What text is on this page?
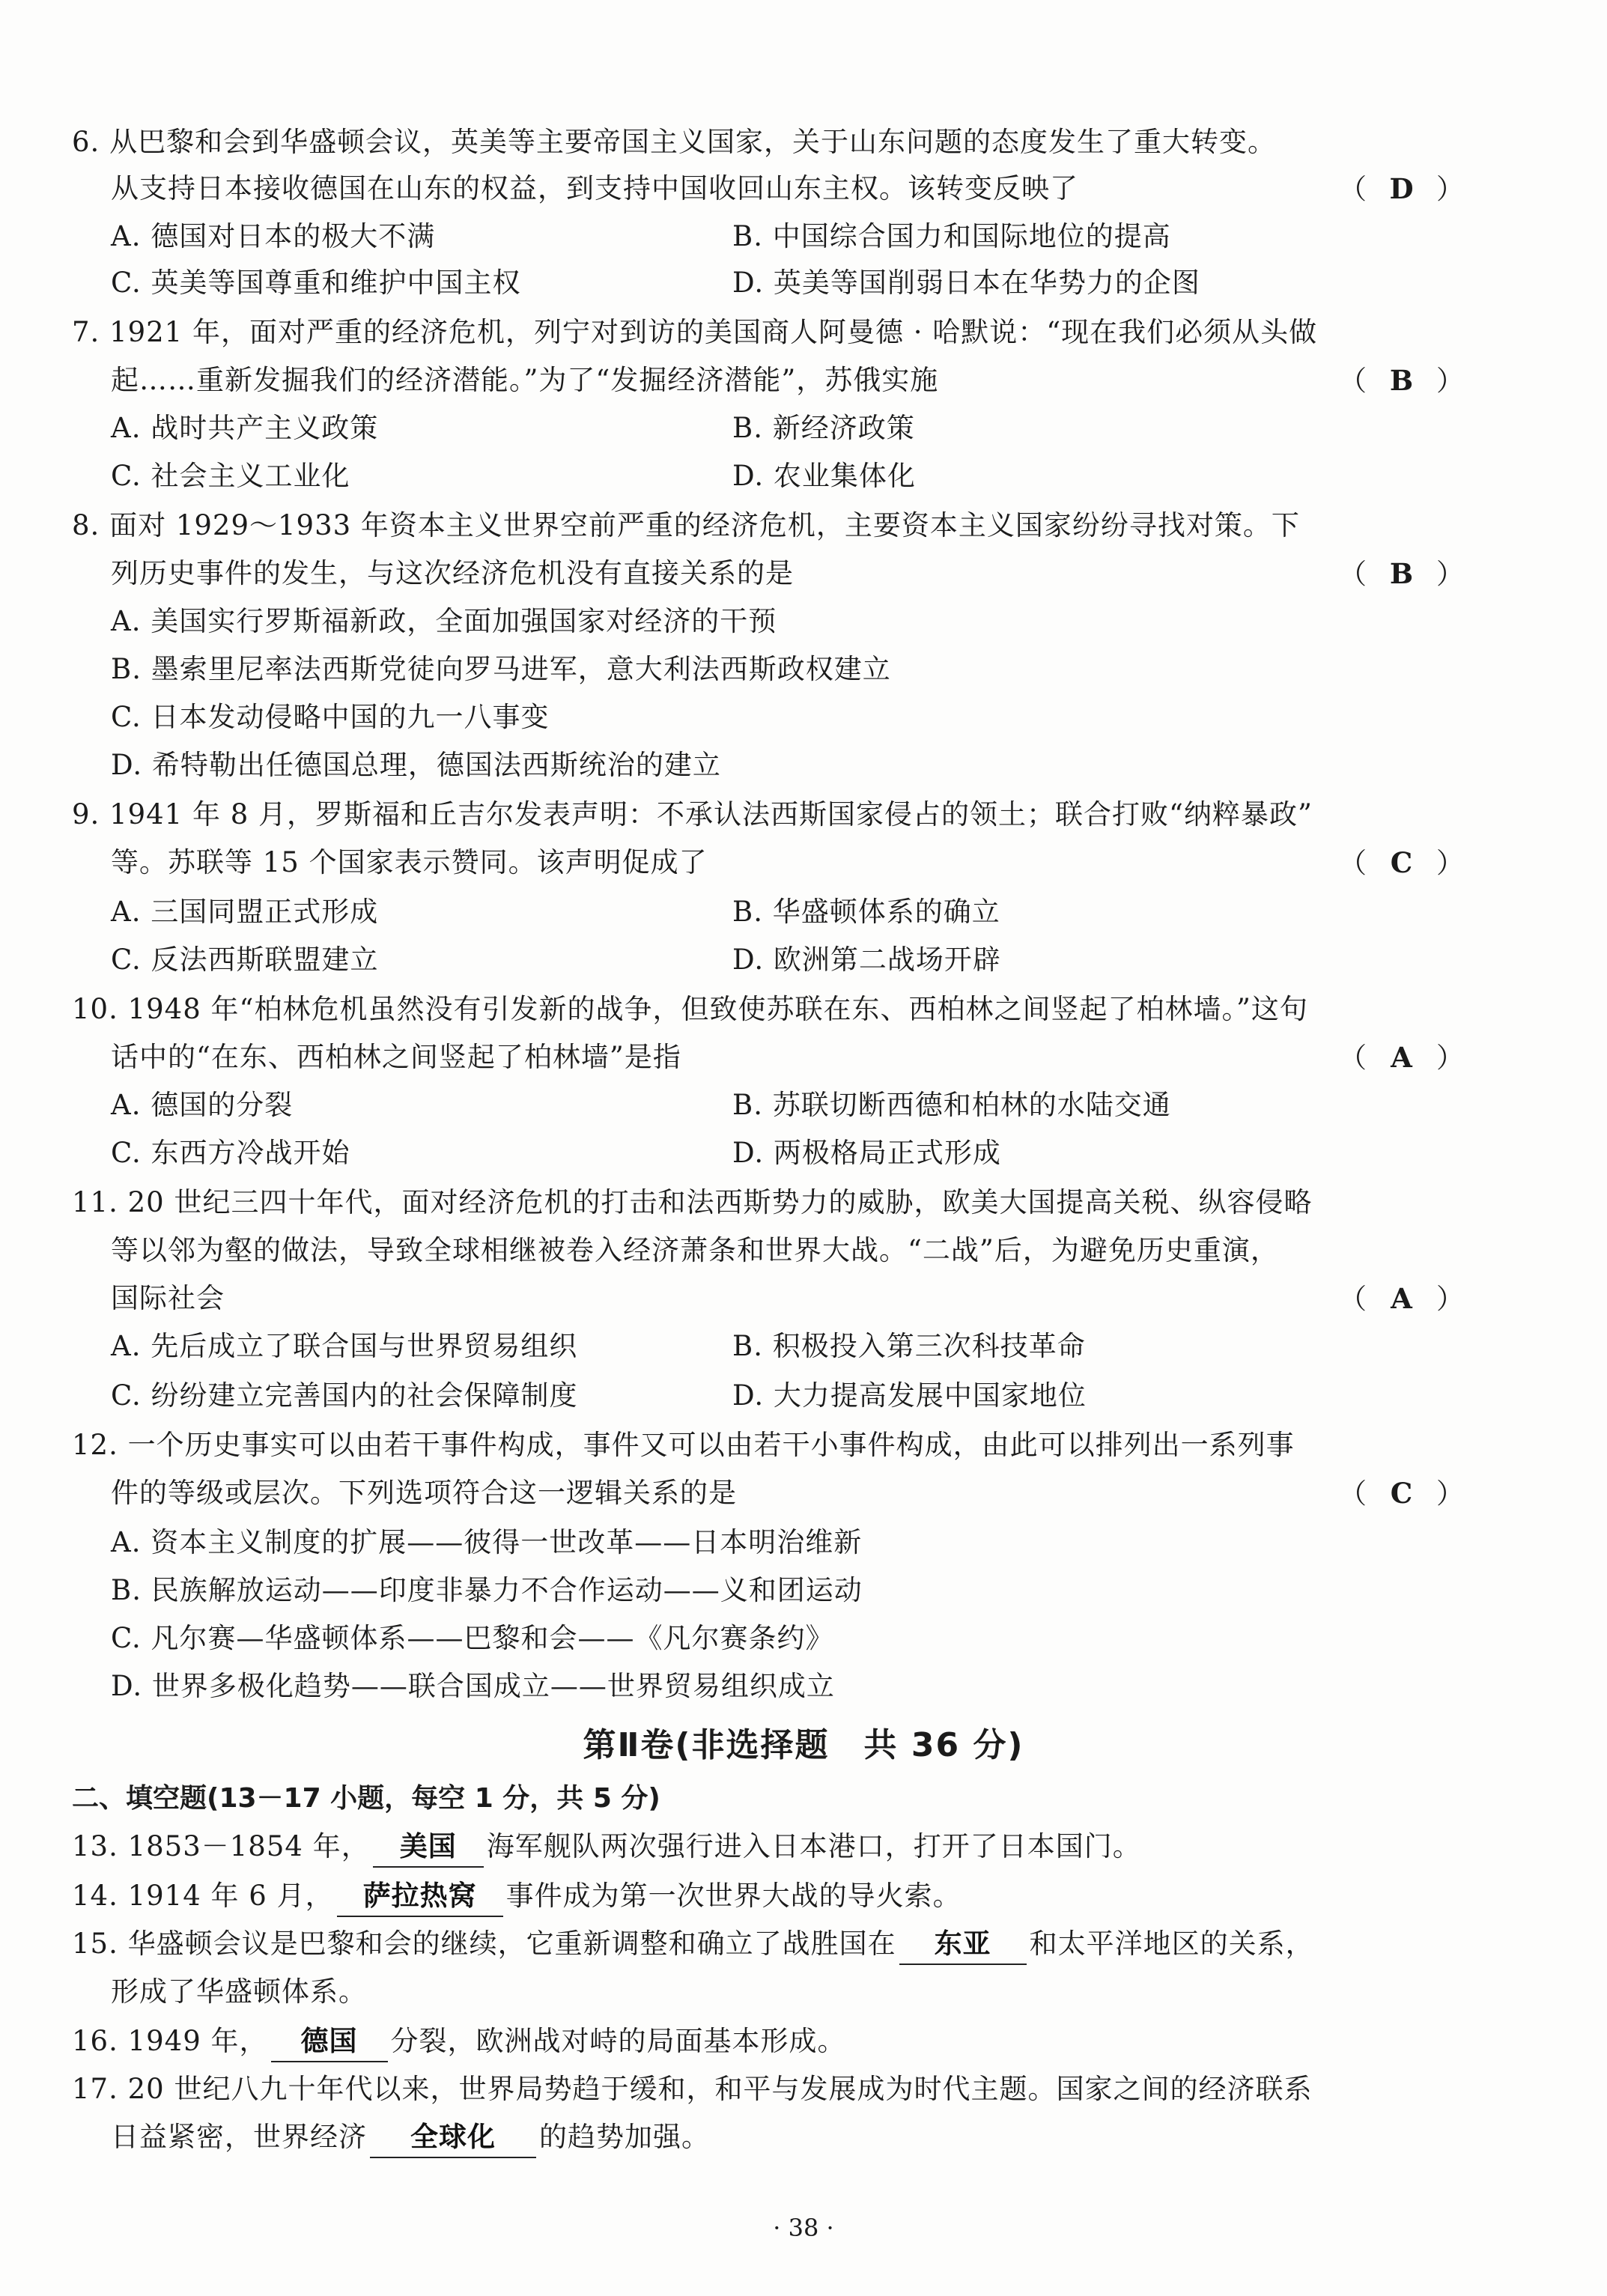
6. 从巴黎和会到华盛顿会议，英美等主要帝国主义国家，关于山东问题的态度发生了重大转变。
从支持日本接收德国在山东的权益，到支持中国收回山东主权。该转变反映了	（ D ）
A. 德国对日本的极大不满	B. 中国综合国力和国际地位的提高
C. 英美等国尊重和维护中国主权	D. 英美等国削弱日本在华势力的企图
7. 1921 年，面对严重的经济危机，列宁对到访的美国商人阿曼德 · 哈默说：“现在我们必须从头做
起……重新发掘我们的经济潜能。”为了“发掘经济潜能”，苏俄实施	（ B ）
A. 战时共产主义政策	B. 新经济政策
C. 社会主义工业化	D. 农业集体化
8. 面对 1929～1933 年资本主义世界空前严重的经济危机，主要资本主义国家纷纷寻找对策。下
列历史事件的发生，与这次经济危机没有直接关系的是	（ B ）
A. 美国实行罗斯福新政，全面加强国家对经济的干预
B. 墨索里尼率法西斯党徒向罗马进军，意大利法西斯政权建立
C. 日本发动侵略中国的九一八事变
D. 希特勒出任德国总理，德国法西斯统治的建立
9. 1941 年 8 月，罗斯福和丘吉尔发表声明：不承认法西斯国家侵占的领土；联合打败“纳粹暴政”
等。苏联等 15 个国家表示赞同。该声明促成了	（ C ）
A. 三国同盟正式形成	B. 华盛顿体系的确立
C. 反法西斯联盟建立	D. 欧洲第二战场开辟
10. 1948 年“柏林危机虽然没有引发新的战争，但致使苏联在东、西柏林之间竖起了柏林墙。”这句
话中的“在东、西柏林之间竖起了柏林墙”是指	（ A ）
A. 德国的分裂	B. 苏联切断西德和柏林的水陆交通
C. 东西方冷战开始	D. 两极格局正式形成
11. 20 世纪三四十年代，面对经济危机的打击和法西斯势力的威胁，欧美大国提高关税、纵容侵略
等以邻为壑的做法，导致全球相继被卷入经济萧条和世界大战。“二战”后，为避免历史重演，
国际社会	（ A ）
A. 先后成立了联合国与世界贸易组织	B. 积极投入第三次科技革命
C. 纷纷建立完善国内的社会保障制度	D. 大力提高发展中国家地位
12. 一个历史事实可以由若干事件构成，事件又可以由若干小事件构成，由此可以排列出一系列事
件的等级或层次。下列选项符合这一逻辑关系的是	（ C ）
A. 资本主义制度的扩展——彼得一世改革——日本明治维新
B. 民族解放运动——印度非暴力不合作运动——义和团运动
C. 凡尔赛—华盛顿体系——巴黎和会——《凡尔赛条约》
D. 世界多极化趋势——联合国成立——世界贸易组织成立
第Ⅱ卷(非选择题　共 36 分)
二、填空题(13－17 小题，每空 1 分，共 5 分)
13. 1853－1854 年， 美国 海军舰队两次强行进入日本港口，打开了日本国门。
14. 1914 年 6 月， 萨拉热窝 事件成为第一次世界大战的导火索。
15. 华盛顿会议是巴黎和会的继续，它重新调整和确立了战胜国在 东亚 和太平洋地区的关系，
形成了华盛顿体系。
16. 1949 年， 德国 分裂，欧洲战对峙的局面基本形成。
17. 20 世纪八九十年代以来，世界局势趋于缓和，和平与发展成为时代主题。国家之间的经济联系
日益紧密，世界经济 全球化 的趋势加强。
· 38 ·
